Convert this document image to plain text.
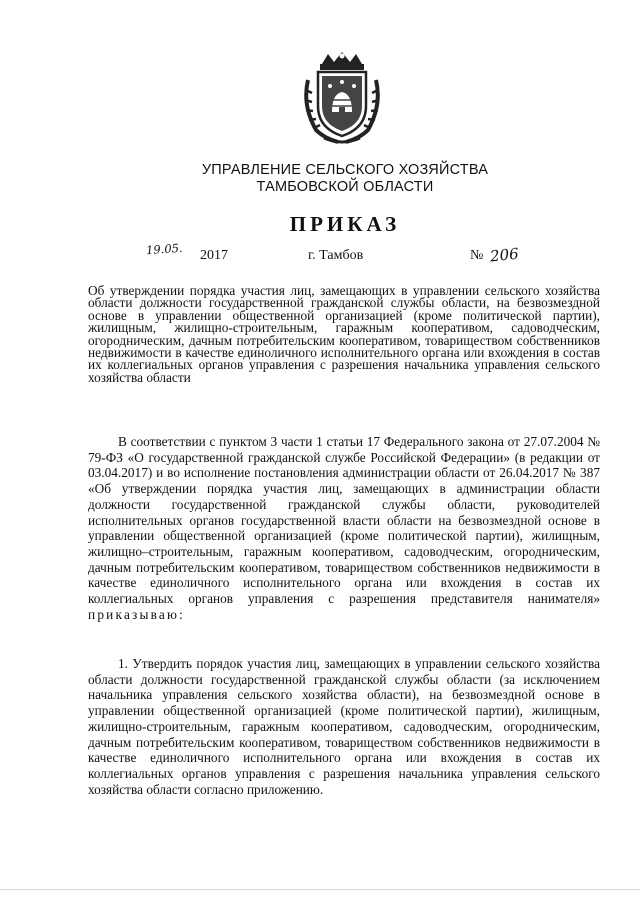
УПРАВЛЕНИЕ СЕЛЬСКОГО ХОЗЯЙСТВА
ТАМБОВСКОЙ ОБЛАСТИ
ПРИКАЗ
19.05. 2017	г. Тамбов	№ 206
Об утверждении порядка участия лиц, замещающих в управлении сельского хозяйства области должности государственной гражданской службы области, на безвозмездной основе в управлении общественной организацией (кроме политической партии), жилищным, жилищно-строительным, гаражным кооперативом, садоводческим, огородническим, дачным потребительским кооперативом, товариществом собственников недвижимости в качестве единоличного исполнительного органа или вхождения в состав их коллегиальных органов управления с разрешения начальника управления сельского хозяйства области
В соответствии с пунктом 3 части 1 статьи 17 Федерального закона от 27.07.2004 № 79-ФЗ «О государственной гражданской службе Российской Федерации» (в редакции от 03.04.2017) и во исполнение постановления администрации области от 26.04.2017 № 387 «Об утверждении порядка участия лиц, замещающих в администрации области должности государственной гражданской службы области, руководителей исполнительных органов государственной власти области на безвозмездной основе в управлении общественной организацией (кроме политической партии), жилищным, жилищно–строительным, гаражным кооперативом, садоводческим, огородническим, дачным потребительским кооперативом, товариществом собственников недвижимости в качестве единоличного исполнительного органа или вхождения в состав их коллегиальных органов управления с разрешения представителя нанимателя» приказываю:
1. Утвердить порядок участия лиц, замещающих в управлении сельского хозяйства области должности государственной гражданской службы области (за исключением начальника управления сельского хозяйства области), на безвозмездной основе в управлении общественной организацией (кроме политической партии), жилищным, жилищно-строительным, гаражным кооперативом, садоводческим, огородническим, дачным потребительским кооперативом, товариществом собственников недвижимости в качестве единоличного исполнительного органа или вхождения в состав их коллегиальных органов управления с разрешения начальника управления сельского хозяйства области согласно приложению.
